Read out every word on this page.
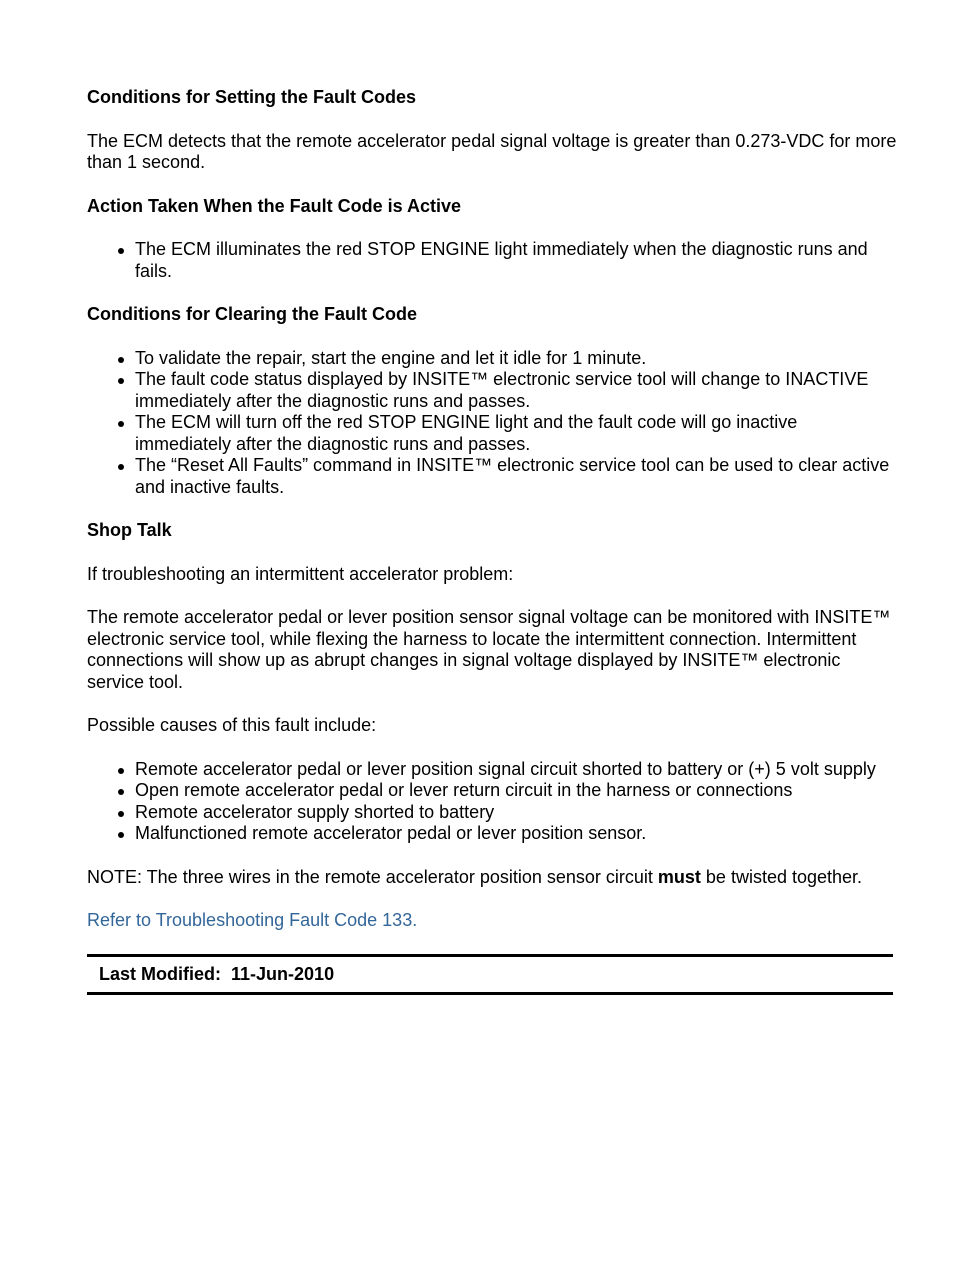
Conditions for Setting the Fault Codes

The ECM detects that the remote accelerator pedal signal voltage is greater than 0.273-VDC for more than 1 second.

Action Taken When the Fault Code is Active
The ECM illuminates the red STOP ENGINE light immediately when the diagnostic runs and fails.
Conditions for Clearing the Fault Code
To validate the repair, start the engine and let it idle for 1 minute.
The fault code status displayed by INSITE™ electronic service tool will change to INACTIVE immediately after the diagnostic runs and passes.
The ECM will turn off the red STOP ENGINE light and the fault code will go inactive immediately after the diagnostic runs and passes.
The “Reset All Faults” command in INSITE™ electronic service tool can be used to clear active and inactive faults.
Shop Talk

If troubleshooting an intermittent accelerator problem:

The remote accelerator pedal or lever position sensor signal voltage can be monitored with INSITE™ electronic service tool, while flexing the harness to locate the intermittent connection. Intermittent connections will show up as abrupt changes in signal voltage displayed by INSITE™ electronic service tool.

Possible causes of this fault include:

Remote accelerator pedal or lever position signal circuit shorted to battery or (+) 5 volt supply
Open remote accelerator pedal or lever return circuit in the harness or connections
Remote accelerator supply shorted to battery
Malfunctioned remote accelerator pedal or lever position sensor.

NOTE: The three wires in the remote accelerator position sensor circuit must be twisted together.

Refer to Troubleshooting Fault Code 133.

Last Modified: 11-Jun-2010
